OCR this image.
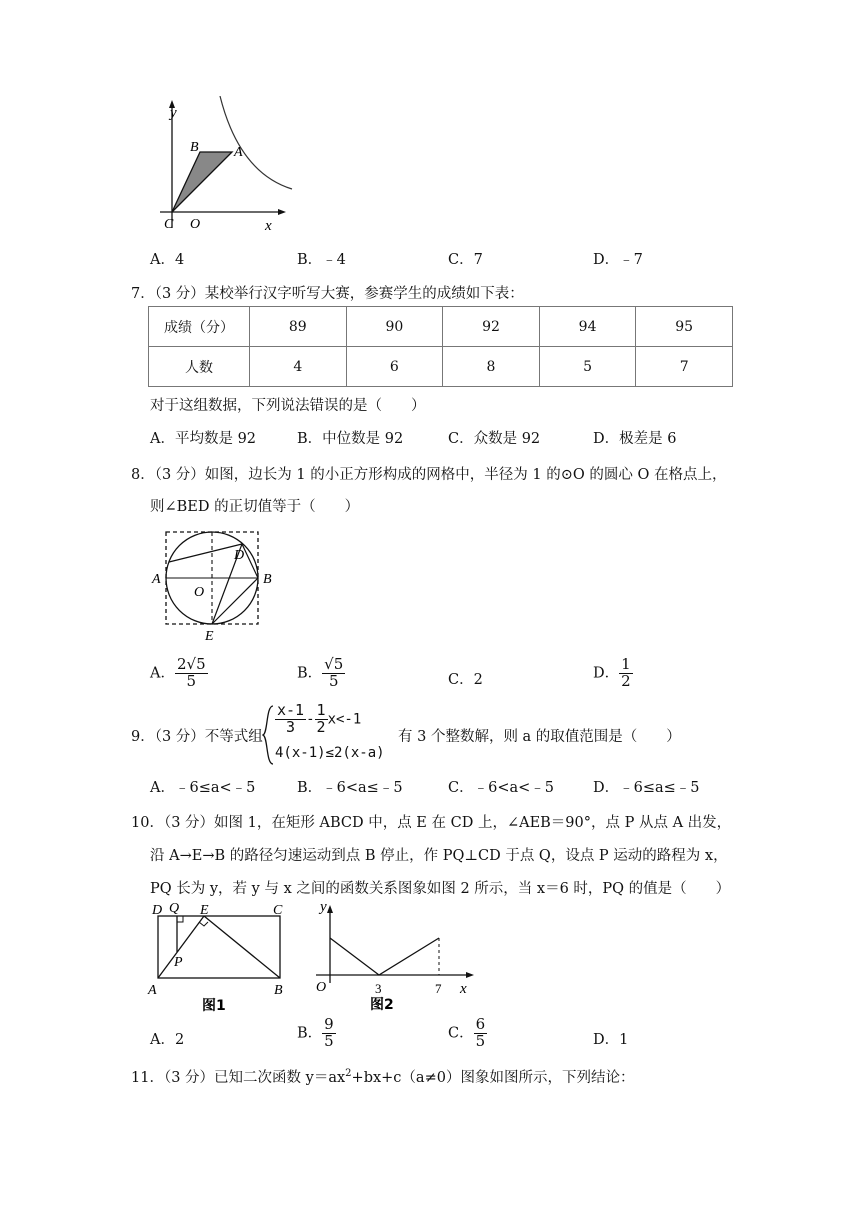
y
B	A
C O	x
A．4	B．﹣4	C．7	D．﹣7
7．（3 分）某校举行汉字听写大赛，参赛学生的成绩如下表：
成绩（分）	89	90	92	94	95
人数	4	6	8	5	7
对于这组数据，下列说法错误的是（　　）
A．平均数是 92	B．中位数是 92	C．众数是 92	D．极差是 6
8．（3 分）如图，边长为 1 的小正方形构成的网格中，半径为 1 的⊙O 的圆心 O 在格点上，
则∠BED 的正切值等于（　　）
D
A	B
O
E
A． $\frac{2√5}{5}$	B． $\frac{√5}{5}$	C．2	D． $\frac{1}{2}$
9．（3 分）不等式组
$\frac{x-1}{3} - \frac{1}{2} x<-1$
4(x-1)≤2(x-a)
有 3 个整数解，则 a 的取值范围是（　　）
A．﹣6≤a<﹣5	B．﹣6<a≤﹣5	C．﹣6<a<﹣5	D．﹣6≤a≤﹣5
10．（3 分）如图 1，在矩形 ABCD 中，点 E 在 CD 上，∠AEB＝90°，点 P 从点 A 出发，
沿 A→E→B 的路径匀速运动到点 B 停止，作 PQ⊥CD 于点 Q，设点 P 运动的路程为 x，
PQ 长为 y，若 y 与 x 之间的函数关系图象如图 2 所示，当 x＝6 时，PQ 的值是（　　）
D Q E	C
P
A	B
图1
y
O	3	7 x
图2
A．2	B． $\frac{9}{5}$	C． $\frac{6}{5}$	D．1
11．（3 分）已知二次函数 $y=ax^2+bx+c(a\ne 0)$图象如图所示，下列结论：
